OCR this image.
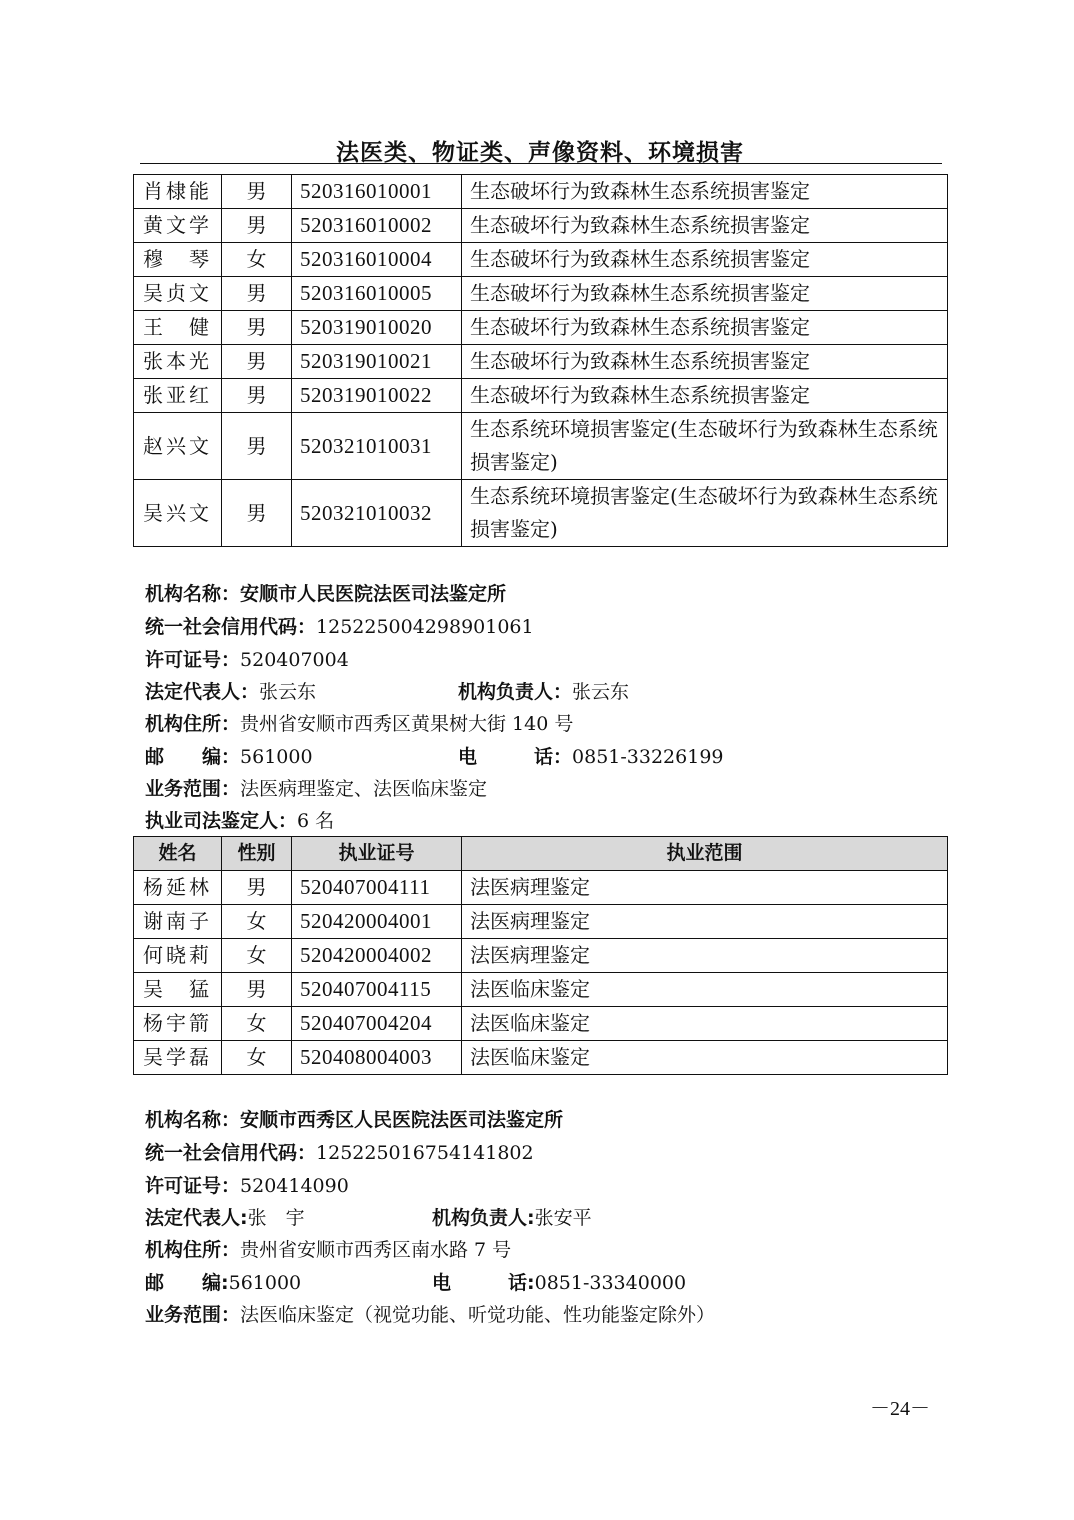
法医类、物证类、声像资料、环境损害
肖棣能	男	520316010001	生态破坏行为致森林生态系统损害鉴定
黄文学	男	520316010002	生态破坏行为致森林生态系统损害鉴定
穆　琴	女	520316010004	生态破坏行为致森林生态系统损害鉴定
吴贞文	男	520316010005	生态破坏行为致森林生态系统损害鉴定
王　健	男	520319010020	生态破坏行为致森林生态系统损害鉴定
张本光	男	520319010021	生态破坏行为致森林生态系统损害鉴定
张亚红	男	520319010022	生态破坏行为致森林生态系统损害鉴定
赵兴文	男	520321010031	生态系统环境损害鉴定(生态破坏行为致森林生态系统损害鉴定)
吴兴文	男	520321010032	生态系统环境损害鉴定(生态破坏行为致森林生态系统损害鉴定)
机构名称：安顺市人民医院法医司法鉴定所
统一社会信用代码：125225004298901061
许可证号：520407004
法定代表人：张云东	机构负责人：张云东
机构住所：贵州省安顺市西秀区黄果树大街 140 号
邮　　编：561000	电　　　话：0851-33226199
业务范围：法医病理鉴定、法医临床鉴定
执业司法鉴定人：6 名
姓名	性别	执业证号	执业范围
杨延林	男	520407004111	法医病理鉴定
谢南子	女	520420004001	法医病理鉴定
何晓莉	女	520420004002	法医病理鉴定
吴　猛	男	520407004115	法医临床鉴定
杨宇箭	女	520407004204	法医临床鉴定
吴学磊	女	520408004003	法医临床鉴定
机构名称：安顺市西秀区人民医院法医司法鉴定所
统一社会信用代码：125225016754141802
许可证号：520414090
法定代表人:张　宇	机构负责人:张安平
机构住所：贵州省安顺市西秀区南水路 7 号
邮　　编:561000	电　　　话:0851-33340000
业务范围：法医临床鉴定（视觉功能、听觉功能、性功能鉴定除外）
－24－
